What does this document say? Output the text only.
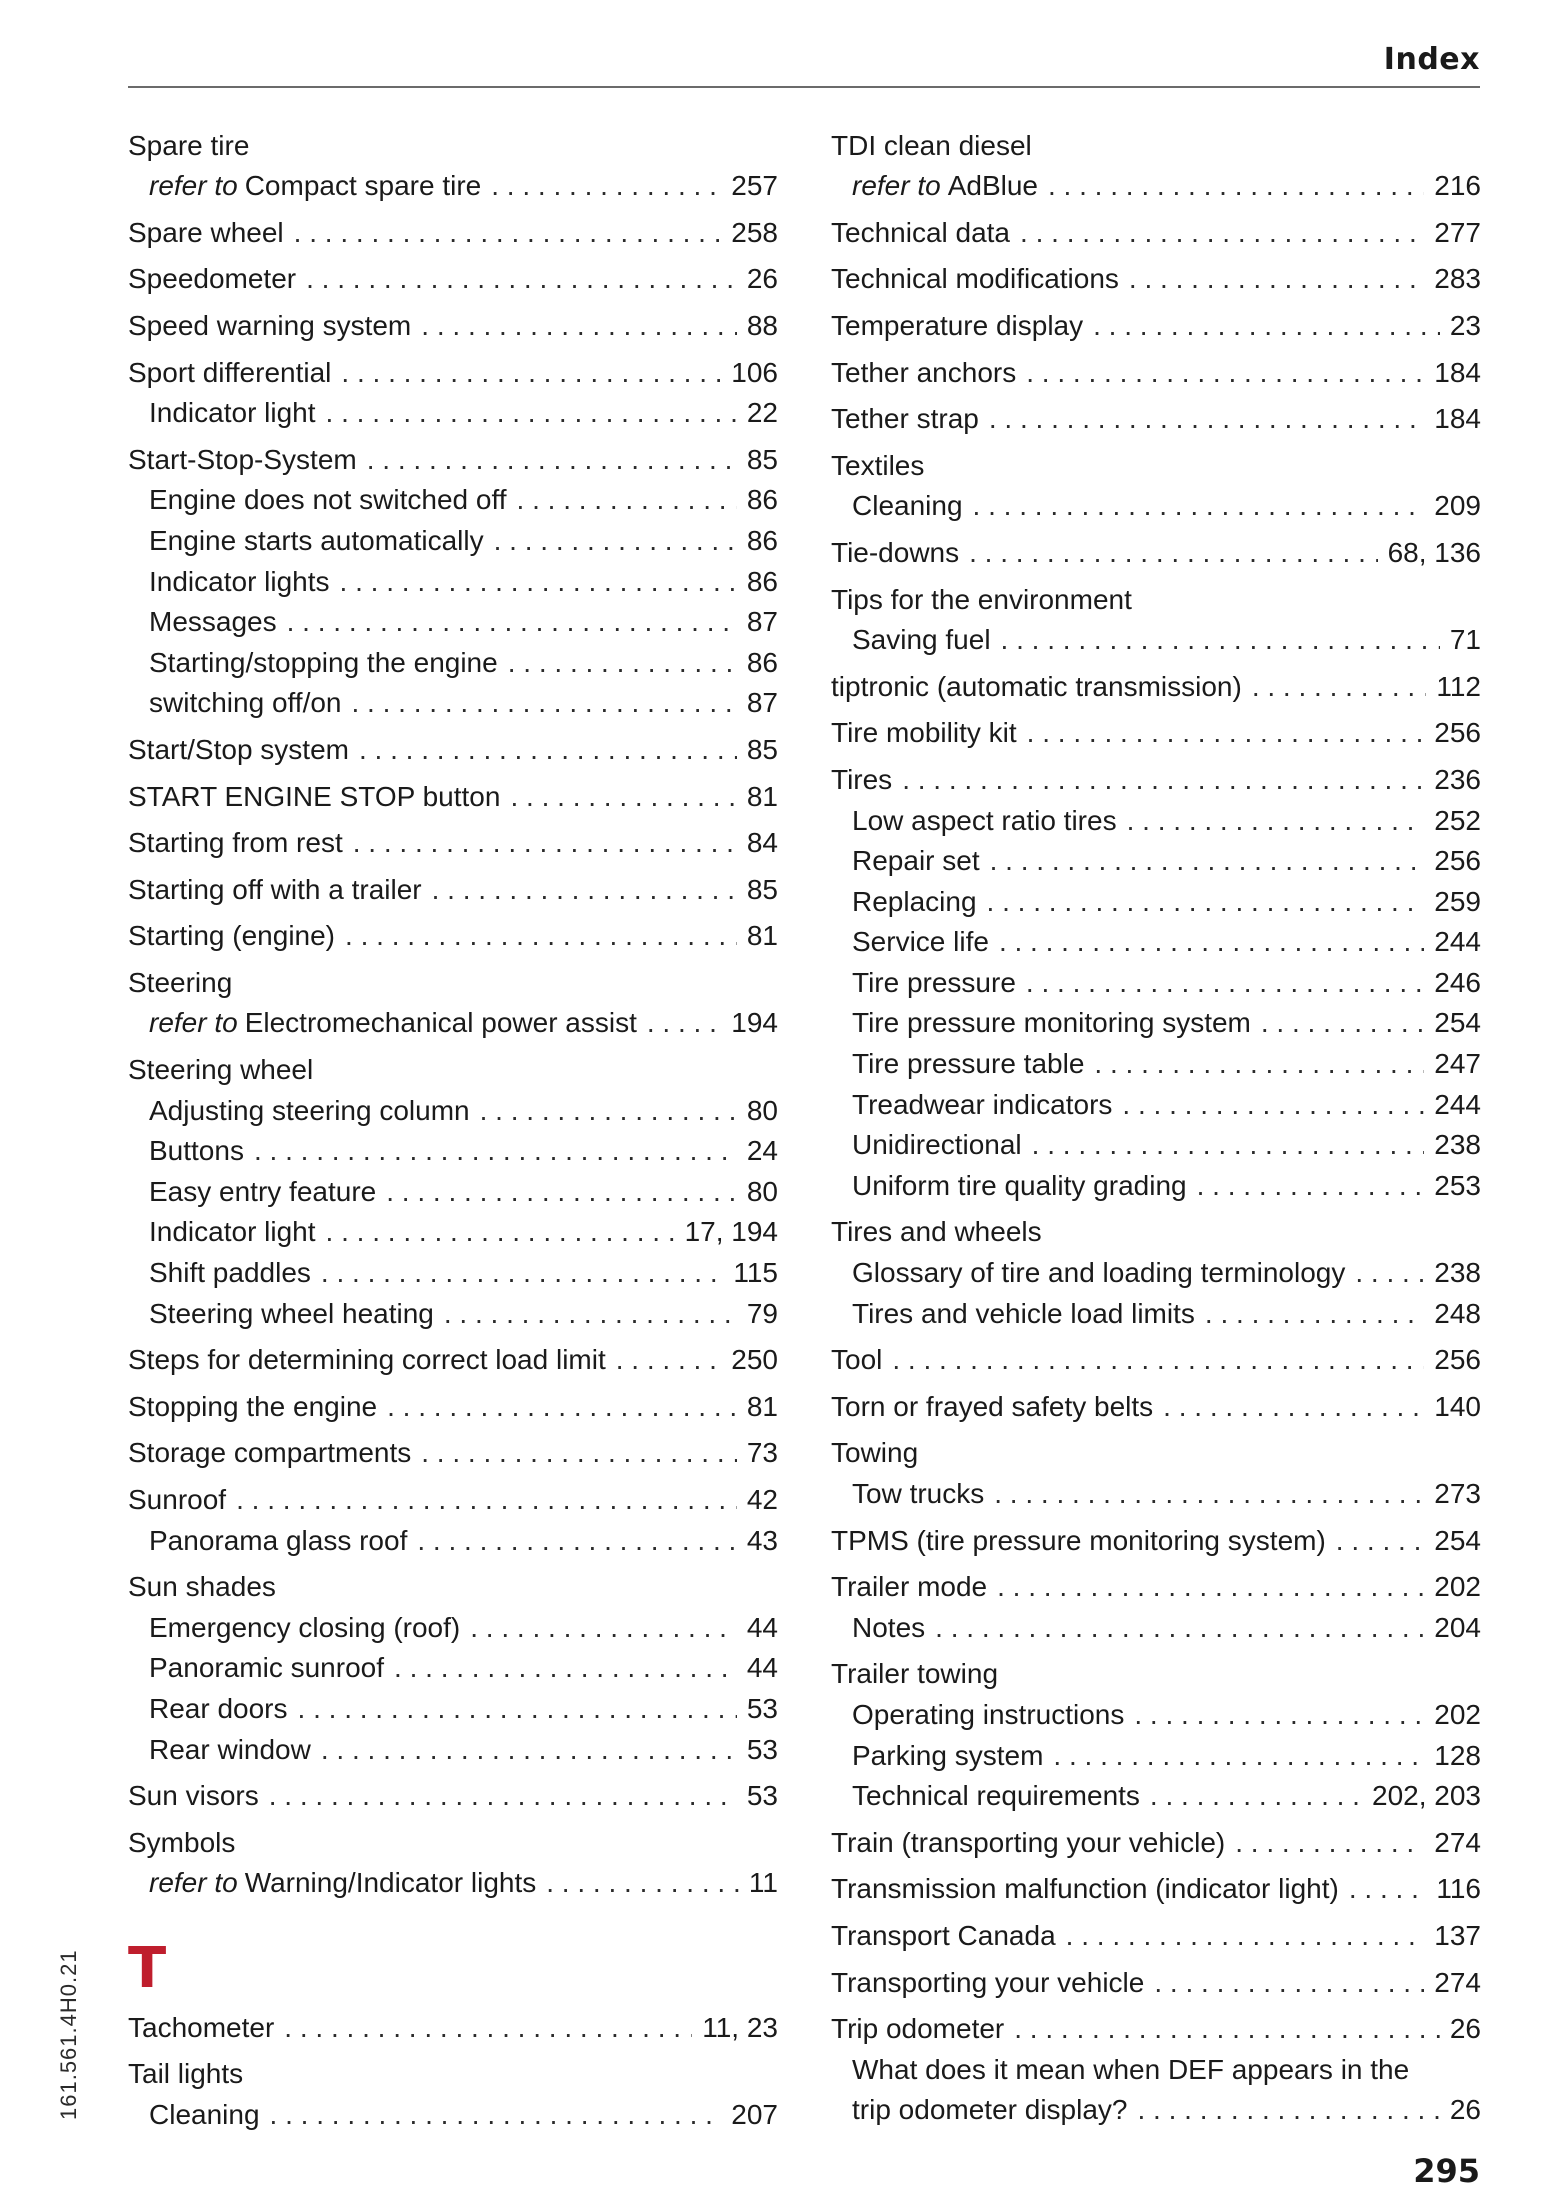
Index
Spare tire
refer to Compact spare tire . . .	257
Spare wheel . . .	258
Speedometer . . .	26
Speed warning system . . .	88
Sport differential . . .	106
Indicator light . . .	22
Start-Stop-System . . .	85
Engine does not switched off . . .	86
Engine starts automatically . . .	86
Indicator lights . . .	86
Messages . . .	87
Starting/stopping the engine . . .	86
switching off/on . . .	87
Start/Stop system . . .	85
START ENGINE STOP button . . .	81
Starting from rest . . .	84
Starting off with a trailer . . .	85
Starting (engine) . . .	81
Steering
refer to Electromechanical power assist . . .	194
Steering wheel
Adjusting steering column . . .	80
Buttons . . .	24
Easy entry feature . . .	80
Indicator light . . .	17, 194
Shift paddles . . .	115
Steering wheel heating . . .	79
Steps for determining correct load limit . . .	250
Stopping the engine . . .	81
Storage compartments . . .	73
Sunroof . . .	42
Panorama glass roof . . .	43
Sun shades
Emergency closing (roof) . . .	44
Panoramic sunroof . . .	44
Rear doors . . .	53
Rear window . . .	53
Sun visors . . .	53
Symbols
refer to Warning/Indicator lights . . .	11
T
Tachometer . . .	11, 23
Tail lights
Cleaning . . .	207
TDI clean diesel
refer to AdBlue . . .	216
Technical data . . .	277
Technical modifications . . .	283
Temperature display . . .	23
Tether anchors . . .	184
Tether strap . . .	184
Textiles
Cleaning . . .	209
Tie-downs . . .	68, 136
Tips for the environment
Saving fuel . . .	71
tiptronic (automatic transmission) . . .	112
Tire mobility kit . . .	256
Tires . . .	236
Low aspect ratio tires . . .	252
Repair set . . .	256
Replacing . . .	259
Service life . . .	244
Tire pressure . . .	246
Tire pressure monitoring system . . .	254
Tire pressure table . . .	247
Treadwear indicators . . .	244
Unidirectional . . .	238
Uniform tire quality grading . . .	253
Tires and wheels
Glossary of tire and loading terminology . . .	238
Tires and vehicle load limits . . .	248
Tool . . .	256
Torn or frayed safety belts . . .	140
Towing
Tow trucks . . .	273
TPMS (tire pressure monitoring system) . . .	254
Trailer mode . . .	202
Notes . . .	204
Trailer towing
Operating instructions . . .	202
Parking system . . .	128
Technical requirements . . .	202, 203
Train (transporting your vehicle) . . .	274
Transmission malfunction (indicator light) . . .	116
Transport Canada . . .	137
Transporting your vehicle . . .	274
Trip odometer . . .	26
What does it mean when DEF appears in the
trip odometer display? . . .	26
161.561.4H0.21
295
